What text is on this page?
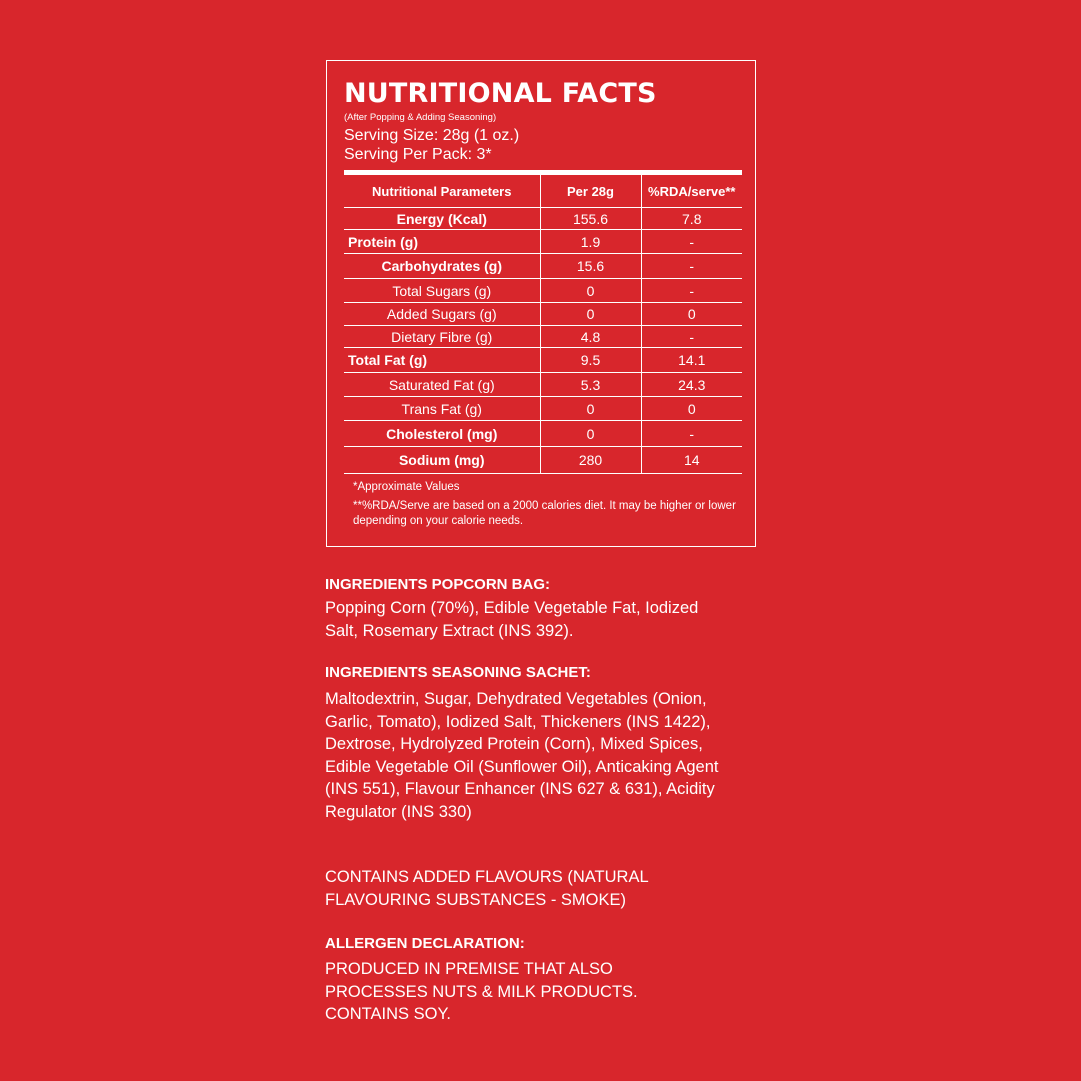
NUTRITIONAL FACTS
(After Popping & Adding Seasoning)
Serving Size: 28g (1 oz.)
Serving Per Pack: 3*
Nutritional Parameters	Per 28g	%RDA/serve**
Energy (Kcal)	155.6	7.8
Protein (g)	1.9	-
Carbohydrates (g)	15.6	-
Total Sugars (g)	0	-
Added Sugars (g)	0	0
Dietary Fibre (g)	4.8	-
Total Fat (g)	9.5	14.1
Saturated Fat (g)	5.3	24.3
Trans Fat (g)	0	0
Cholesterol (mg)	0	-
Sodium (mg)	280	14
*Approximate Values
**%RDA/Serve are based on a 2000 calories diet. It may be higher or lower depending on your calorie needs.
INGREDIENTS POPCORN BAG:
Popping Corn (70%), Edible Vegetable Fat, Iodized Salt, Rosemary Extract (INS 392).
INGREDIENTS SEASONING SACHET:
Maltodextrin, Sugar, Dehydrated Vegetables (Onion, Garlic, Tomato), Iodized Salt, Thickeners (INS 1422), Dextrose, Hydrolyzed Protein (Corn), Mixed Spices, Edible Vegetable Oil (Sunflower Oil), Anticaking Agent (INS 551), Flavour Enhancer (INS 627 & 631), Acidity Regulator (INS 330)
CONTAINS ADDED FLAVOURS (NATURAL FLAVOURING SUBSTANCES - SMOKE)
ALLERGEN DECLARATION:
PRODUCED IN PREMISE THAT ALSO PROCESSES NUTS & MILK PRODUCTS. CONTAINS SOY.
